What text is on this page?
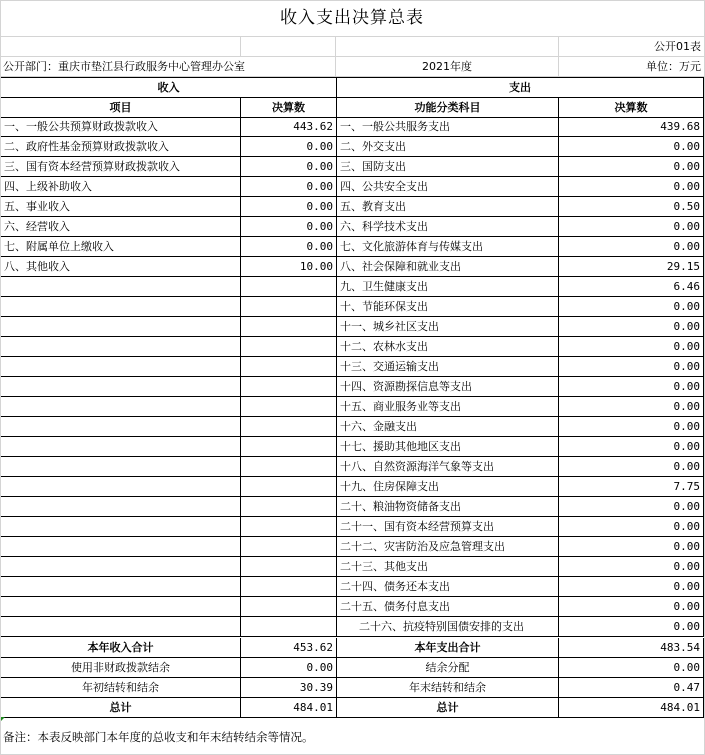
收入支出决算总表
公开01表
公开部门：重庆市垫江县行政服务中心管理办公室	2021年度	单位：万元
收入	支出
项目	决算数	功能分类科目	决算数
一、一般公共预算财政拨款收入	443.62 一、一般公共服务支出	439.68
二、政府性基金预算财政拨款收入	0.00 二、外交支出	0.00
三、国有资本经营预算财政拨款收入	0.00 三、国防支出	0.00
四、上级补助收入	0.00 四、公共安全支出	0.00
五、事业收入	0.00 五、教育支出	0.50
六、经营收入	0.00 六、科学技术支出	0.00
七、附属单位上缴收入	0.00 七、文化旅游体育与传媒支出	0.00
八、其他收入	10.00 八、社会保障和就业支出	29.15
九、卫生健康支出	6.46
十、节能环保支出	0.00
十一、城乡社区支出	0.00
十二、农林水支出	0.00
十三、交通运输支出	0.00
十四、资源勘探信息等支出	0.00
十五、商业服务业等支出	0.00
十六、金融支出	0.00
十七、援助其他地区支出	0.00
十八、自然资源海洋气象等支出	0.00
十九、住房保障支出	7.75
二十、粮油物资储备支出	0.00
二十一、国有资本经营预算支出	0.00
二十二、灾害防治及应急管理支出	0.00
二十三、其他支出	0.00
二十四、债务还本支出	0.00
二十五、债务付息支出	0.00
二十六、抗疫特别国债安排的支出	0.00
本年收入合计	453.62	本年支出合计	483.54
使用非财政拨款结余	0.00	结余分配	0.00
年初结转和结余	30.39	年末结转和结余	0.47
总计	484.01	总计	484.01
备注：本表反映部门本年度的总收支和年末结转结余等情况。
